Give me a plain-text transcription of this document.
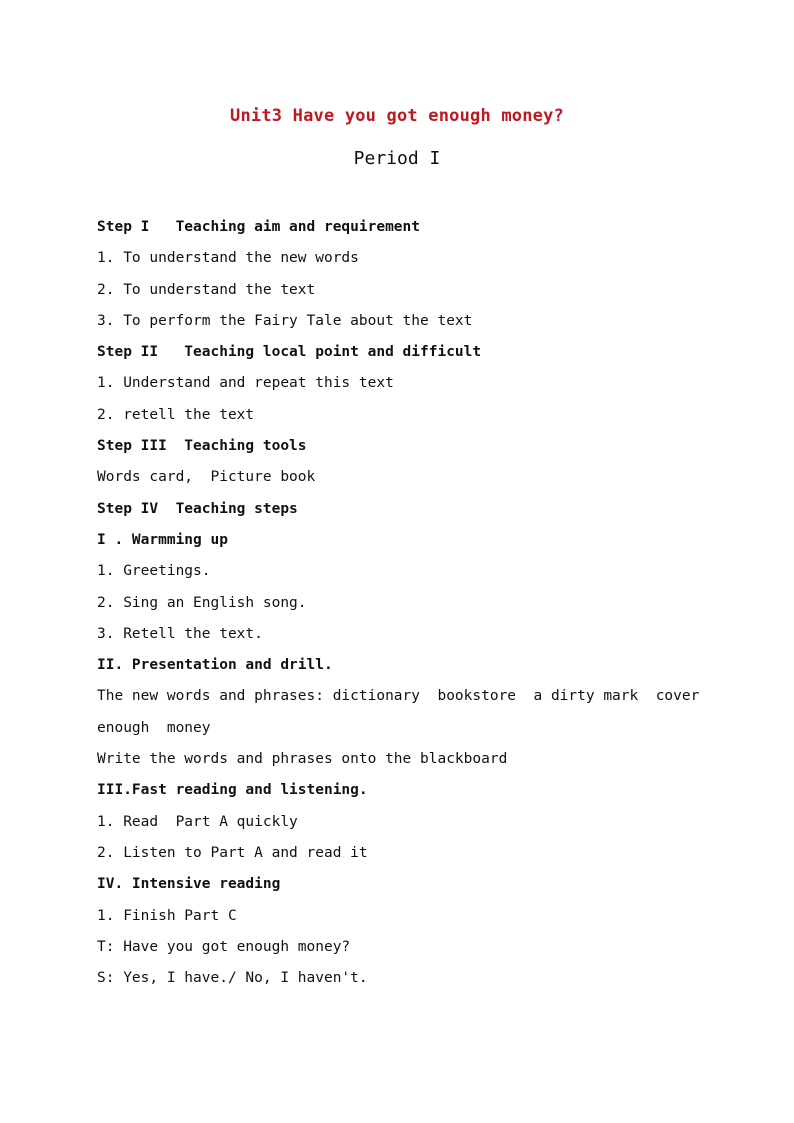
Unit3 Have you got enough money?
Period I
Step I   Teaching aim and requirement
1. To understand the new words
2. To understand the text
3. To perform the Fairy Tale about the text
Step II   Teaching local point and difficult
1. Understand and repeat this text
2. retell the text
Step III  Teaching tools
Words card,  Picture book
Step IV  Teaching steps
I . Warmming up
1. Greetings.
2. Sing an English song.
3. Retell the text.
II. Presentation and drill.
The new words and phrases: dictionary  bookstore  a dirty mark  cover
enough  money
Write the words and phrases onto the blackboard
III.Fast reading and listening.
1. Read  Part A quickly
2. Listen to Part A and read it
IV. Intensive reading
1. Finish Part C
T: Have you got enough money?
S: Yes, I have./ No, I haven't.
